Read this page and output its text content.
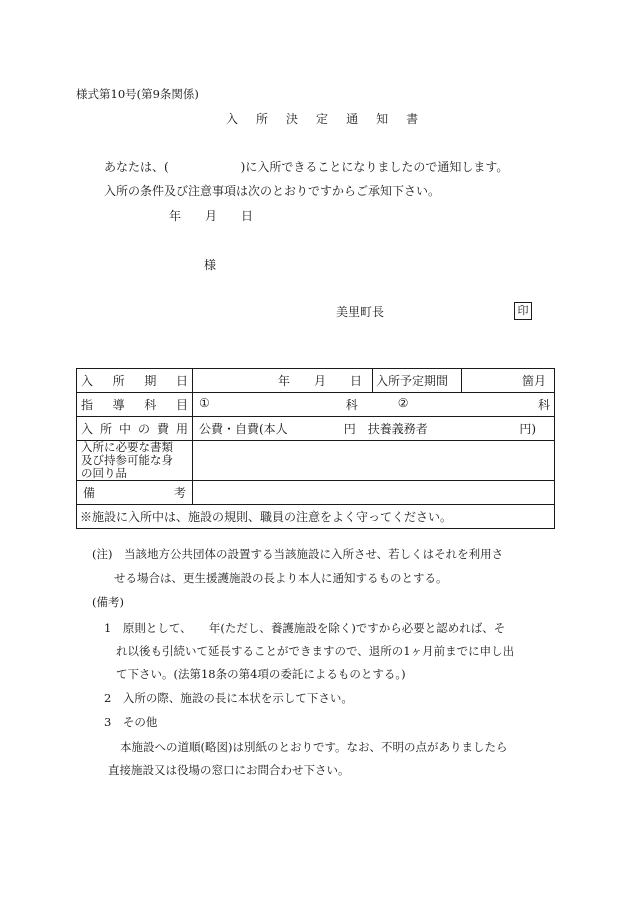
様式第10号(第9条関係)
入 所 決 定 通 知 書
あなたは、(　　　　　　)に入所できることになりましたので通知します。
入所の条件及び注意事項は次のとおりですからご承知下さい。
年　　月　　日
様
美里町長	印
入所期日	年　　月　　日	入所予定期間	箇月
指導科目	① 科 ② 科		

入所中の費用	公費・自費(本人 円 扶養義務者 円)		

入所に必要な書類
及び持参可能な身
の回り品			

備 考			

※施設に入所中は、施設の規則、職員の注意をよく守ってください。			
(注)　当該地方公共団体の設置する当該施設に入所させ、若しくはそれを利用さ
せる場合は、更生援護施設の長より本人に通知するものとする。
(備考)
1　原則として、　　年(ただし、養護施設を除く)ですから必要と認めれば、そ
れ以後も引続いて延長することができますので、退所の1ヶ月前までに申し出
て下さい。(法第18条の第4項の委託によるものとする。)
2　入所の際、施設の長に本状を示して下さい。
3　その他
本施設への道順(略図)は別紙のとおりです。なお、不明の点がありましたら
直接施設又は役場の窓口にお問合わせ下さい。
